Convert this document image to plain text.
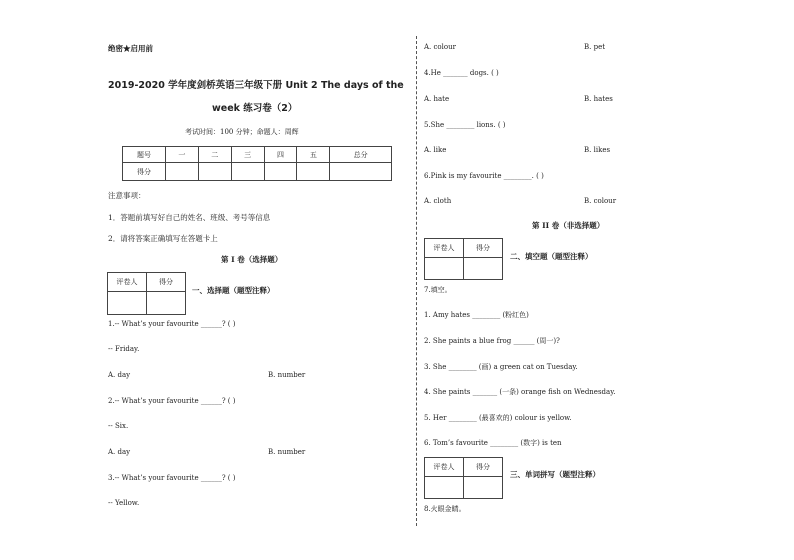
绝密★启用前
2019-2020 学年度剑桥英语三年级下册 Unit 2 The days of the
week 练习卷（2）
考试时间：100 分钟；命题人：周辉
题号	一	二	三	四	五	总分
得分						
注意事项：
1．答题前填写好自己的姓名、班级、考号等信息
2．请将答案正确填写在答题卡上
第 I 卷（选择题）
评卷人	得分
一、选择题（题型注释）
1.-- What’s your favourite ______? ( )
-- Friday.
A. day	B. number
2.-- What’s your favourite ______? ( )
-- Six.
A. day	B. number
3.-- What’s your favourite ______? ( )
-- Yellow.
A. colour	B. pet
4.He _______ dogs. ( )
A. hate	B. hates
5.She ________ lions. ( )
A. like	B. likes
6.Pink is my favourite ________. ( )
A. cloth	B. colour
第 II 卷（非选择题）
评卷人	得分
二、填空题（题型注释）
7.填空。
1. Amy hates ________ (粉红色)
2. She paints a blue frog ______ (周一)?
3. She ________ (画) a green cat on Tuesday.
4. She paints _______ (一条) orange fish on Wednesday.
5. Her ________ (最喜欢的) colour is yellow.
6. Tom’s favourite ________ (数字) is ten
评卷人	得分
三、单词拼写（题型注释）
8.火眼金睛。
